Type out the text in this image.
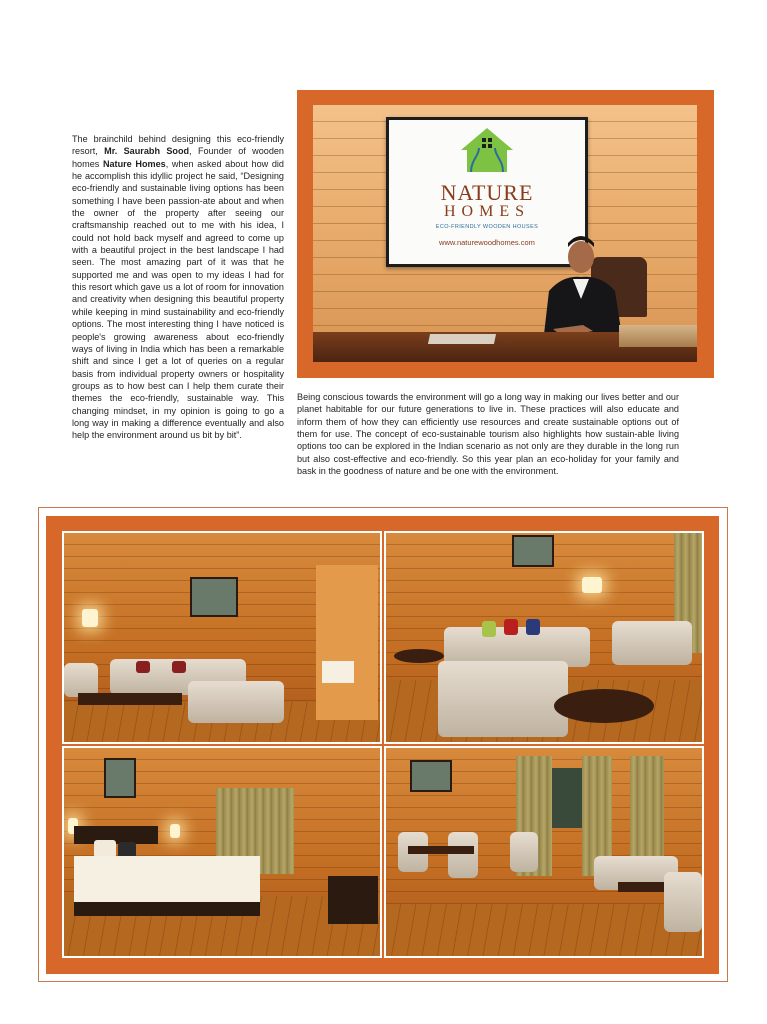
The brainchild behind designing this eco-friendly resort, Mr. Saurabh Sood, Founder of wooden homes Nature Homes, when asked about how did he accomplish this idyllic project he said, “Designing eco-friendly and sustainable living options has been something I have been passion-ate about and when the owner of the property after seeing our craftsmanship reached out to me with his idea, I could not hold back myself and agreed to come up with a beautiful project in the best landscape I had seen. The most amazing part of it was that he supported me and was open to my ideas I had for this resort which gave us a lot of room for innovation and creativity when designing this beautiful property while keeping in mind sustainability and eco-friendly options. The most interesting thing I have noticed is people's growing awareness about eco-friendly ways of living in India which has been a remarkable shift and since I get a lot of queries on a regular basis from individual property owners or hospitality groups as to how best can I help them curate their themes the eco-friendly, sustainable way. This changing mindset, in my opinion is going to go a long way in making a difference eventually and also help the environment around us bit by bit”.
NATURE
HOMES
ECO-FRIENDLY WOODEN HOUSES
www.naturewoodhomes.com
Being conscious towards the environment will go a long way in making our lives better and our planet habitable for our future generations to live in. These practices will also educate and inform them of how they can efficiently use resources and create sustainable options out of them for use. The concept of eco-sustainable tourism also highlights how sustain-able living options too can be explored in the Indian scenario as not only are they durable in the long run but also cost-effective and eco-friendly. So this year plan an eco-holiday for your family and bask in the goodness of nature and be one with the environment.
